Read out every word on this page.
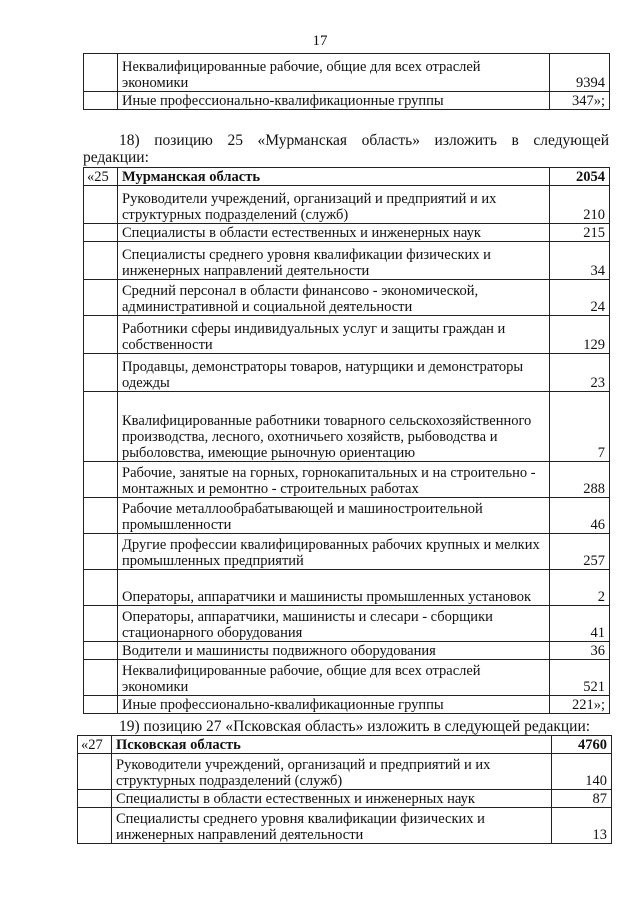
17
	Неквалифицированные рабочие, общие для всех отраслей экономики	9394
	Иные профессионально-квалификационные группы	347»;
18) позицию 25 «Мурманская область» изложить в следующей
редакции:
«25	Мурманская область	2054
	Руководители учреждений, организаций и предприятий и их структурных подразделений (служб)	210
	Специалисты в области естественных и инженерных наук	215
	Специалисты среднего уровня квалификации физических и инженерных направлений деятельности	34
	Средний персонал в области финансово - экономической, административной и социальной деятельности	24
	Работники сферы индивидуальных услуг и защиты граждан и собственности	129
	Продавцы, демонстраторы товаров, натурщики и демонстраторы одежды	23
	Квалифицированные работники товарного сельскохозяйственного производства, лесного, охотничьего хозяйств, рыбоводства и рыболовства, имеющие рыночную ориентацию	7
	Рабочие, занятые на горных, горнокапитальных и на строительно - монтажных и ремонтно - строительных работах	288
	Рабочие металлообрабатывающей и машиностроительной промышленности	46
	Другие профессии квалифицированных рабочих крупных и мелких промышленных предприятий	257
	Операторы, аппаратчики и машинисты промышленных установок	2
	Операторы, аппаратчики, машинисты и слесари - сборщики стационарного оборудования	41
	Водители и машинисты подвижного оборудования	36
	Неквалифицированные рабочие, общие для всех отраслей экономики	521
	Иные профессионально-квалификационные группы	221»;
19) позицию 27 «Псковская область» изложить в следующей редакции:
«27	Псковская область	4760
	Руководители учреждений, организаций и предприятий и их структурных подразделений (служб)	140
	Специалисты в области естественных и инженерных наук	87
	Специалисты среднего уровня квалификации физических и инженерных направлений деятельности	13
